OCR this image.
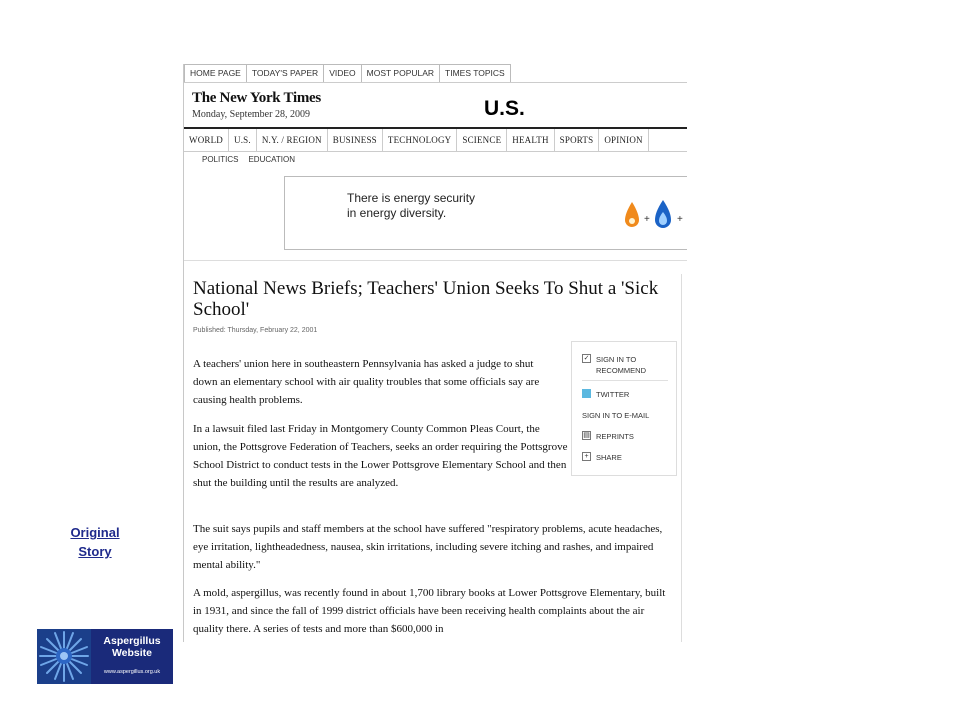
Original
Story
Aspergillus Website
www.aspergillus.org.uk
HOME PAGE	TODAY'S PAPER	VIDEO	MOST POPULAR	TIMES TOPICS
The New York Times
Monday, September 28, 2009	U.S.
WORLD	U.S.	N.Y. / REGION	BUSINESS	TECHNOLOGY	SCIENCE	HEALTH	SPORTS	OPINION
POLITICS EDUCATION
There is energy security
in energy diversity.	+	+
National News Briefs; Teachers' Union Seeks To Shut a 'Sick School'
Published: Thursday, February 22, 2001

A teachers' union here in southeastern Pennsylvania has asked a judge to shut down an elementary school with air quality troubles that some officials say are causing health problems.

In a lawsuit filed last Friday in Montgomery County Common Pleas Court, the union, the Pottsgrove Federation of Teachers, seeks an order requiring the Pottsgrove School District to conduct tests in the Lower Pottsgrove Elementary School and then shut the building until the results are analyzed.

The suit says pupils and staff members at the school have suffered "respiratory problems, acute headaches, eye irritation, lightheadedness, nausea, skin irritations, including severe itching and rashes, and impaired mental ability."

A mold, aspergillus, was recently found in about 1,700 library books at Lower Pottsgrove Elementary, built in 1931, and since the fall of 1999 district officials have been receiving health complaints about the air quality there. A series of tests and more than $600,000 in

✓ SIGN IN TO
RECOMMEND
TWITTER
SIGN IN TO E-MAIL
▤ REPRINTS
+ SHARE
